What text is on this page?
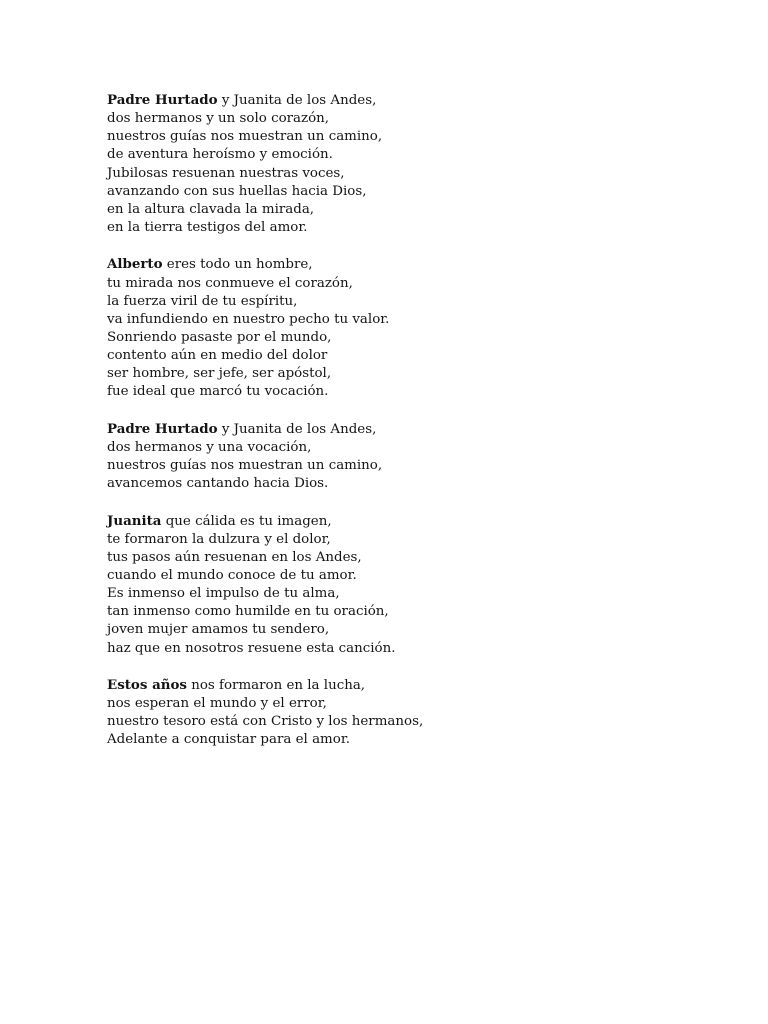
Padre Hurtado y Juanita de los Andes,
dos hermanos y un solo corazón,
nuestros guías nos muestran un camino,
de aventura heroísmo y emoción.
Jubilosas resuenan nuestras voces,
avanzando con sus huellas hacia Dios,
en la altura clavada la mirada,
en la tierra testigos del amor.
Alberto eres todo un hombre,
tu mirada nos conmueve el corazón,
la fuerza viril de tu espíritu,
va infundiendo en nuestro pecho tu valor.
Sonriendo pasaste por el mundo,
contento aún en medio del dolor
ser hombre, ser jefe, ser apóstol,
fue ideal que marcó tu vocación.
Padre Hurtado y Juanita de los Andes,
dos hermanos y una vocación,
nuestros guías nos muestran un camino,
avancemos cantando hacia Dios.
Juanita que cálida es tu imagen,
te formaron la dulzura y el dolor,
tus pasos aún resuenan en los Andes,
cuando el mundo conoce de tu amor.
Es inmenso el impulso de tu alma,
tan inmenso como humilde en tu oración,
joven mujer amamos tu sendero,
haz que en nosotros resuene esta canción.
Estos años nos formaron en la lucha,
nos esperan el mundo y el error,
nuestro tesoro está con Cristo y los hermanos,
Adelante a conquistar para el amor.
